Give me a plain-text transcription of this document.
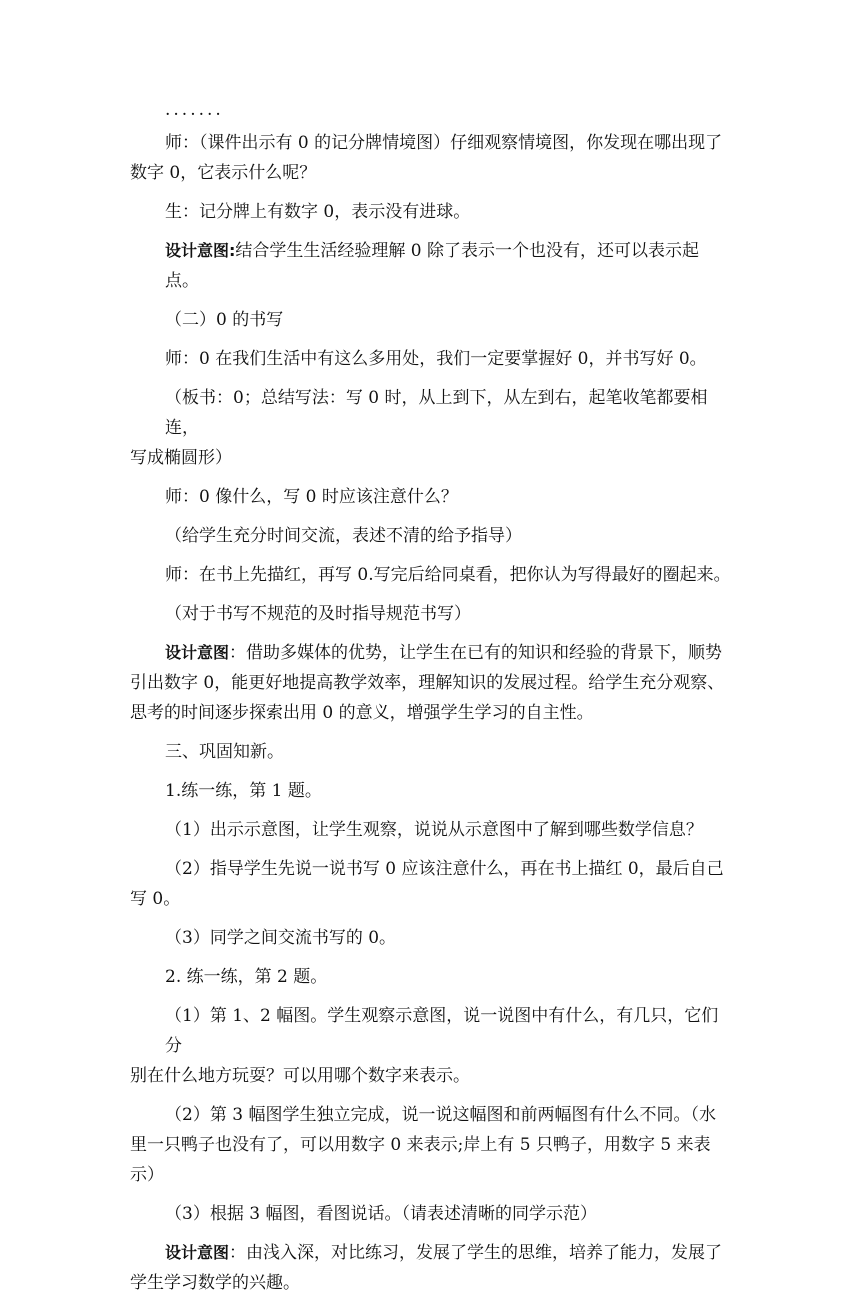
.......
师：（课件出示有 0 的记分牌情境图）仔细观察情境图，你发现在哪出现了
数字 0，它表示什么呢？
生：记分牌上有数字 0，表示没有进球。
设计意图:结合学生生活经验理解 0 除了表示一个也没有，还可以表示起点。
（二）0 的书写
师：0 在我们生活中有这么多用处，我们一定要掌握好 0，并书写好 0。
（板书：0；总结写法：写 0 时，从上到下，从左到右，起笔收笔都要相连，
写成椭圆形）
师：0 像什么，写 0 时应该注意什么？
（给学生充分时间交流，表述不清的给予指导）
师：在书上先描红，再写 0.写完后给同桌看，把你认为写得最好的圈起来。
（对于书写不规范的及时指导规范书写）
设计意图：借助多媒体的优势，让学生在已有的知识和经验的背景下，顺势
引出数字 0，能更好地提高教学效率，理解知识的发展过程。给学生充分观察、
思考的时间逐步探索出用 0 的意义，增强学生学习的自主性。
三、巩固知新。
1.练一练，第 1 题。
（1）出示示意图，让学生观察，说说从示意图中了解到哪些数学信息？
（2）指导学生先说一说书写 0 应该注意什么，再在书上描红 0，最后自己
写 0。
（3）同学之间交流书写的 0。
2. 练一练，第 2 题。
（1）第 1、2 幅图。学生观察示意图，说一说图中有什么，有几只，它们分
别在什么地方玩耍？可以用哪个数字来表示。
（2）第 3 幅图学生独立完成，说一说这幅图和前两幅图有什么不同。（水
里一只鸭子也没有了，可以用数字 0 来表示;岸上有 5 只鸭子，用数字 5 来表示）
（3）根据 3 幅图，看图说话。（请表述清晰的同学示范）
设计意图：由浅入深，对比练习，发展了学生的思维，培养了能力，发展了
学生学习数学的兴趣。
